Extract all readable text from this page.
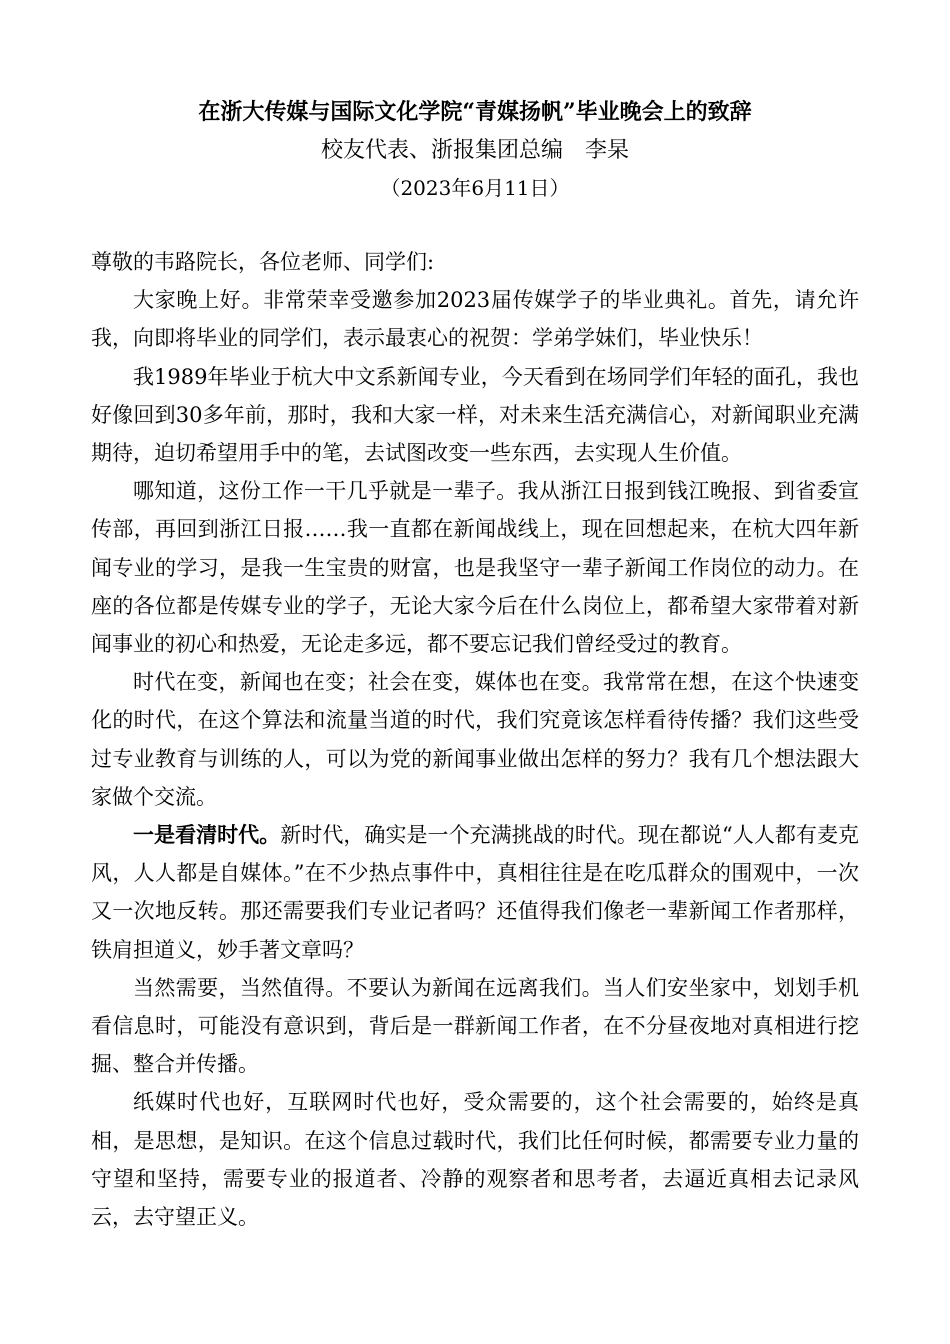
在浙大传媒与国际文化学院“青媒扬帆”毕业晚会上的致辞
校友代表、浙报集团总编　李杲
（2023年6月11日）

尊敬的韦路院长，各位老师、同学们:

大家晚上好。非常荣幸受邀参加2023届传媒学子的毕业典礼。首先，请允许我，向即将毕业的同学们，表示最衷心的祝贺：学弟学妹们，毕业快乐！

我1989年毕业于杭大中文系新闻专业，今天看到在场同学们年轻的面孔，我也好像回到30多年前，那时，我和大家一样，对未来生活充满信心，对新闻职业充满期待，迫切希望用手中的笔，去试图改变一些东西，去实现人生价值。

哪知道，这份工作一干几乎就是一辈子。我从浙江日报到钱江晚报、到省委宣传部，再回到浙江日报……我一直都在新闻战线上，现在回想起来，在杭大四年新闻专业的学习，是我一生宝贵的财富，也是我坚守一辈子新闻工作岗位的动力。在座的各位都是传媒专业的学子，无论大家今后在什么岗位上，都希望大家带着对新闻事业的初心和热爱，无论走多远，都不要忘记我们曾经受过的教育。

时代在变，新闻也在变；社会在变，媒体也在变。我常常在想，在这个快速变化的时代，在这个算法和流量当道的时代，我们究竟该怎样看待传播？我们这些受过专业教育与训练的人，可以为党的新闻事业做出怎样的努力？我有几个想法跟大家做个交流。

一是看清时代。新时代，确实是一个充满挑战的时代。现在都说“人人都有麦克风，人人都是自媒体。”在不少热点事件中，真相往往是在吃瓜群众的围观中，一次又一次地反转。那还需要我们专业记者吗？还值得我们像老一辈新闻工作者那样，铁肩担道义，妙手著文章吗？

当然需要，当然值得。不要认为新闻在远离我们。当人们安坐家中，划划手机看信息时，可能没有意识到，背后是一群新闻工作者，在不分昼夜地对真相进行挖掘、整合并传播。

纸媒时代也好，互联网时代也好，受众需要的，这个社会需要的，始终是真相，是思想，是知识。在这个信息过载时代，我们比任何时候，都需要专业力量的守望和坚持，需要专业的报道者、冷静的观察者和思考者，去逼近真相去记录风云，去守望正义。
